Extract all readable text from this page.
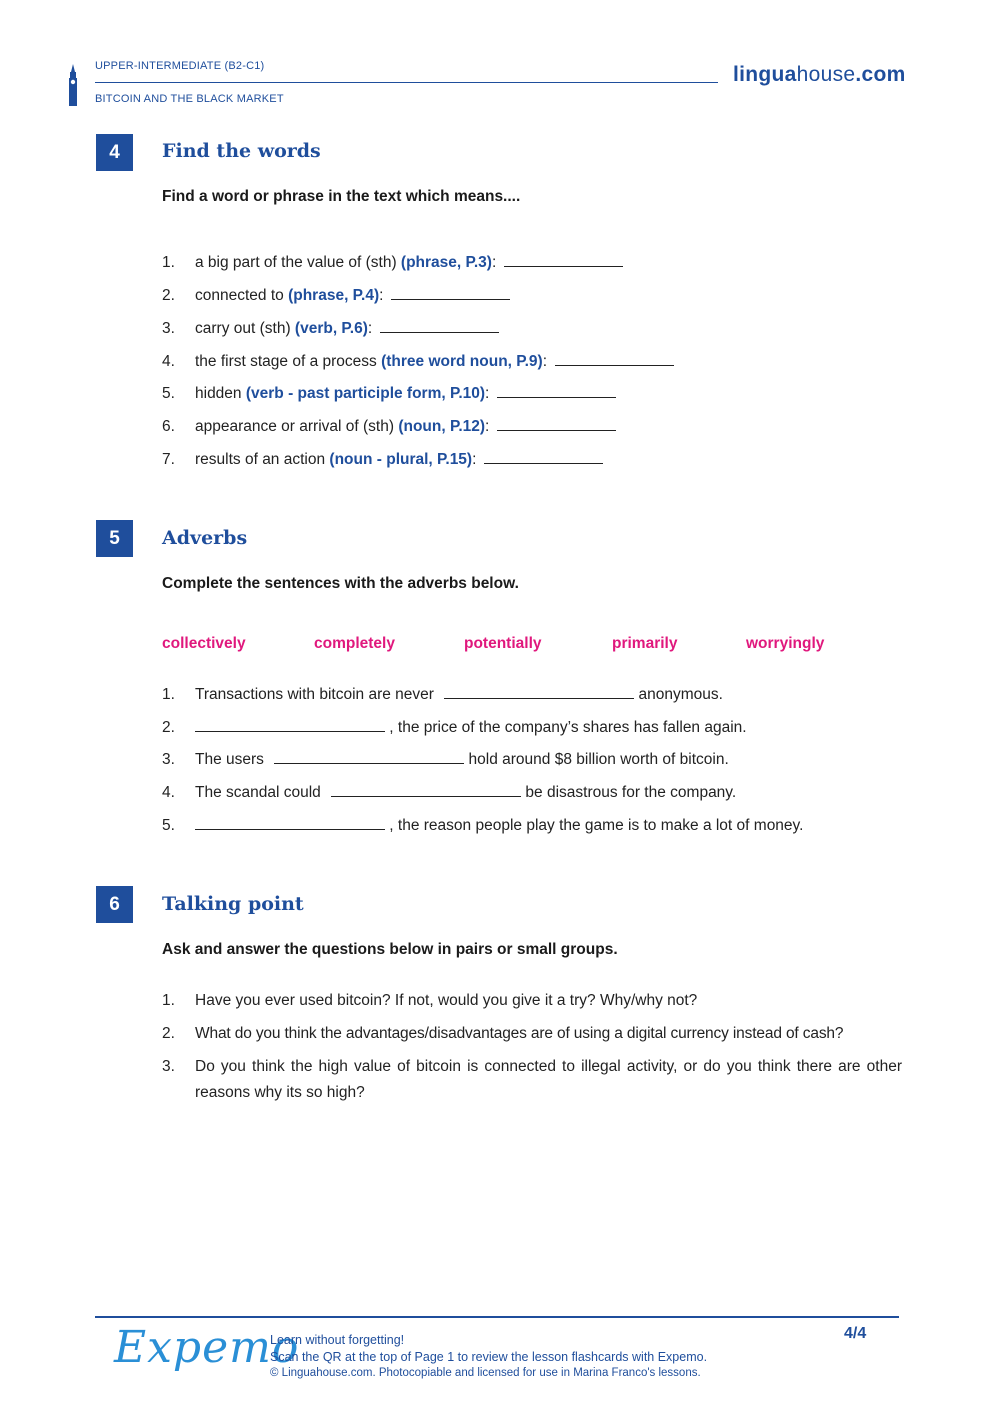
UPPER-INTERMEDIATE (B2-C1)
BITCOIN AND THE BLACK MARKET
linguahouse.com
4	Find the words
Find a word or phrase in the text which means....
1. a big part of the value of (sth) (phrase, P.3):
2. connected to (phrase, P.4):
3. carry out (sth) (verb, P.6):
4. the first stage of a process (three word noun, P.9):
5. hidden (verb - past participle form, P.10):
6. appearance or arrival of (sth) (noun, P.12):
7. results of an action (noun - plural, P.15):
5	Adverbs
Complete the sentences with the adverbs below.
collectively	completely	potentially	primarily	worryingly
1. Transactions with bitcoin are never	anonymous.
2.	, the price of the company’s shares has fallen again.
3. The users	hold around $8 billion worth of bitcoin.
4. The scandal could	be disastrous for the company.
5.	, the reason people play the game is to make a lot of money.
6	Talking point
Ask and answer the questions below in pairs or small groups.
1. Have you ever used bitcoin? If not, would you give it a try? Why/why not?
2. What do you think the advantages/disadvantages are of using a digital currency instead of cash?
3. Do you think the high value of bitcoin is connected to illegal activity, or do you think there are other reasons why its so high?
Expemo
Learn without forgetting!
Scan the QR at the top of Page 1 to review the lesson flashcards with Expemo.
© Linguahouse.com. Photocopiable and licensed for use in Marina Franco's lessons.
4/4
